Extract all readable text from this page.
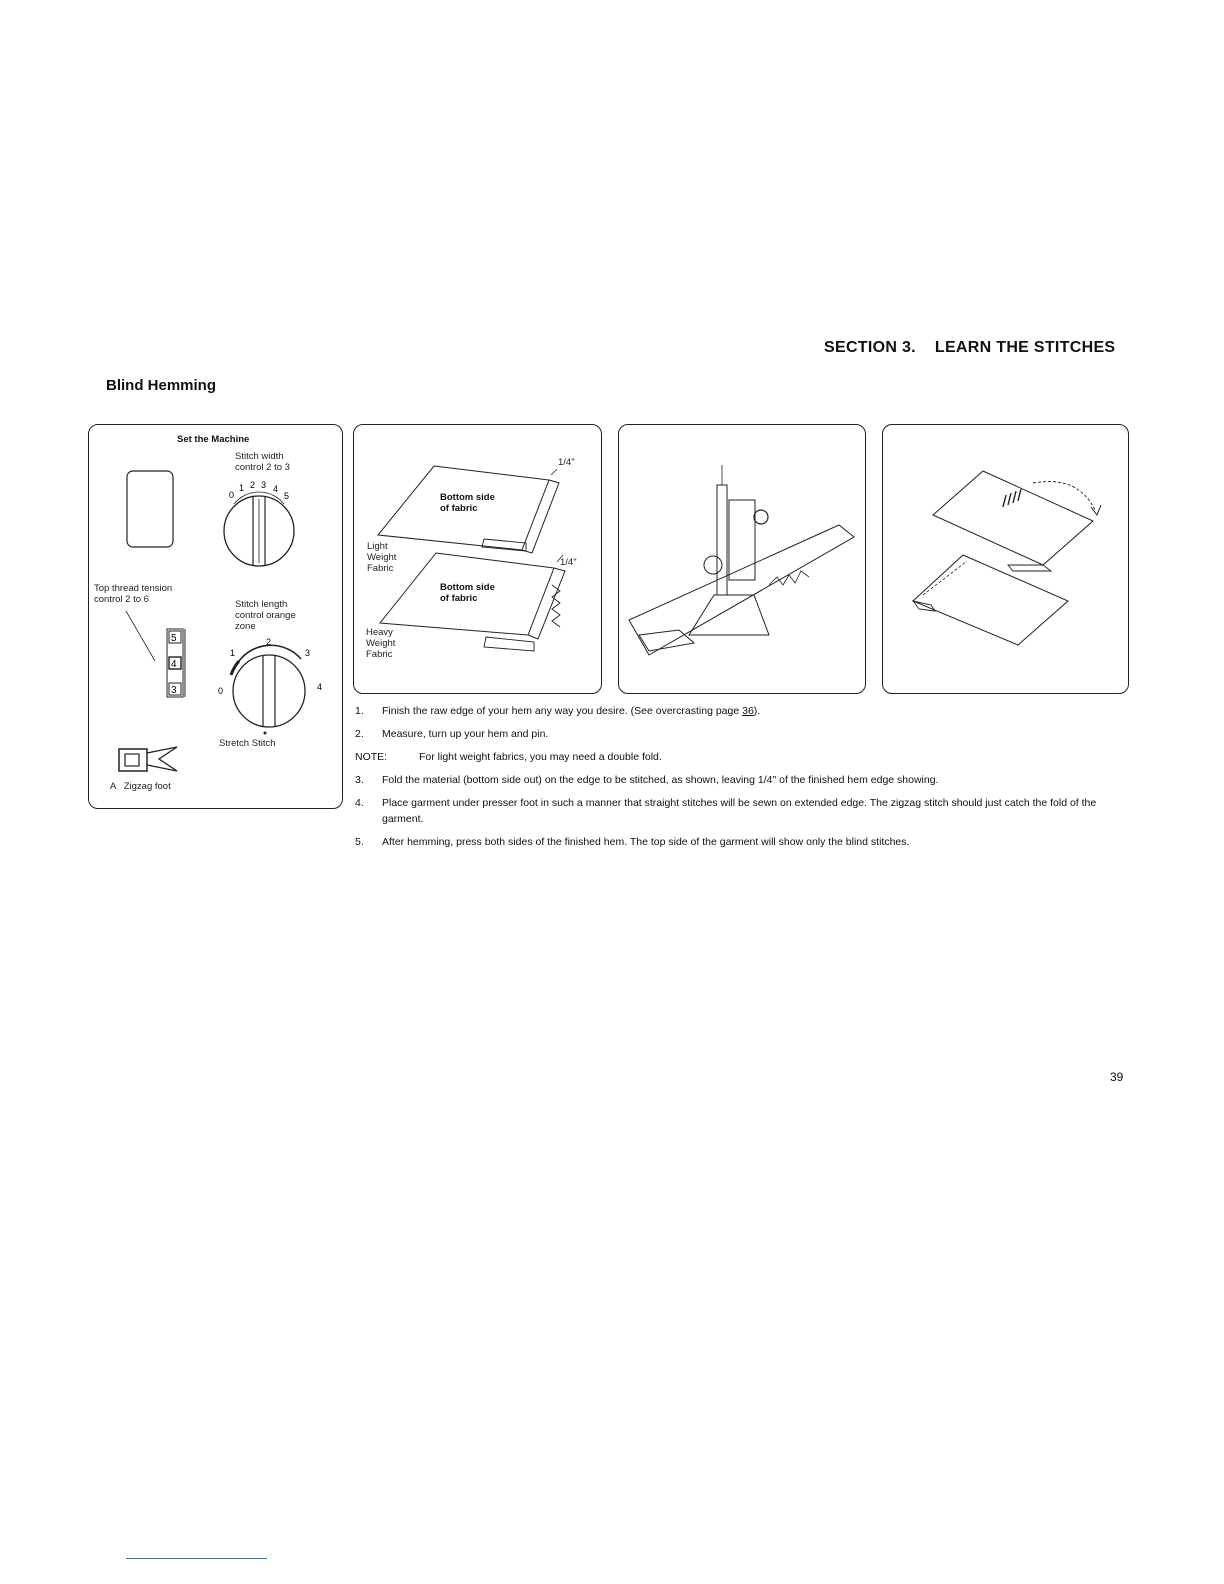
SECTION 3.    LEARN THE STITCHES
Blind Hemming
Set the Machine
Stitch width
control 2 to 3
Top thread tension
control 2 to 6	Stitch length
control orange
zone
Stretch Stitch
A   Zigzag foot
0
1 2 3 4
5
5
4
3	0
1
2
3
4
1/4"
Bottom side
of fabric
Light
Weight
Fabric
1/4"
Bottom side
of fabric
Heavy
Weight
Fabric
1.	Finish the raw edge of your hem any way you desire. (See overcrasting page 36).
2.	Measure, turn up your hem and pin.
NOTE:	For light weight fabrics, you may need a double fold.
3.	Fold the material (bottom side out) on the edge to be stitched, as shown, leaving 1/4" of the finished hem edge showing.
4.	Place garment under presser foot in such a manner that straight stitches will be sewn on extended edge. The zigzag stitch should just catch the fold of the garment.
5.	After hemming, press both sides of the finished hem. The top side of the garment will show only the blind stitches.
39
